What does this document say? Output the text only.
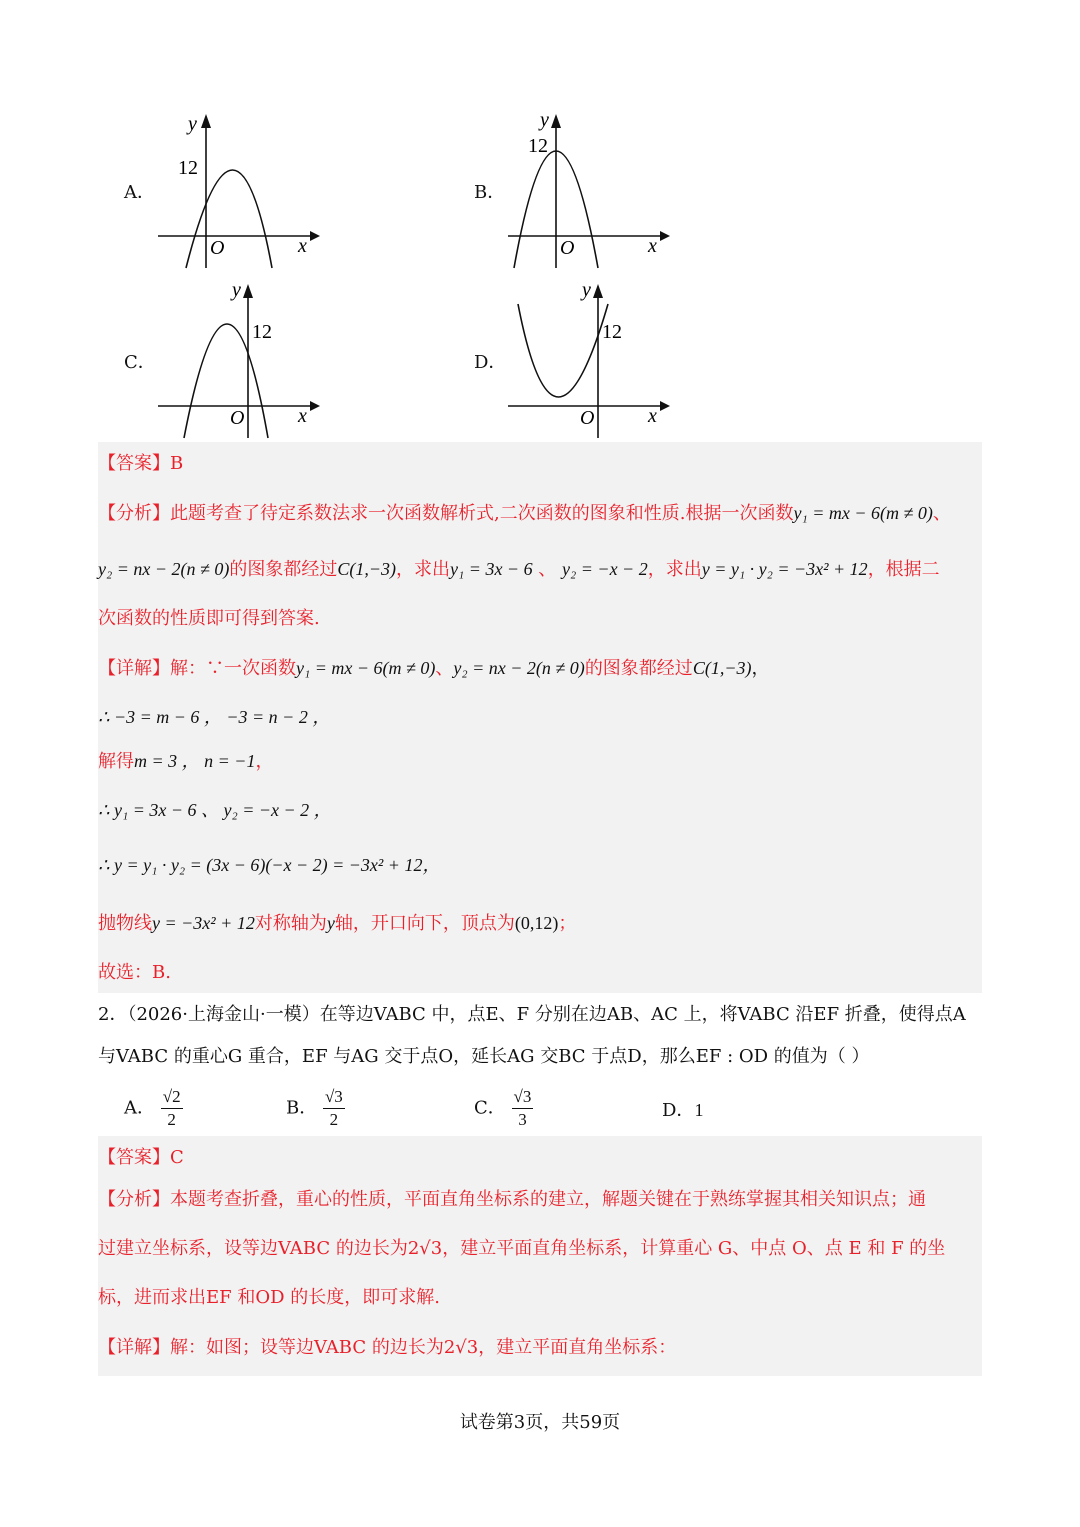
A．
y
x
O
12
B．
y
x
O
12
C．
y
x
O
12
D．
y
x
O
12
【答案】B
【分析】此题考查了待定系数法求一次函数解析式,二次函数的图象和性质.根据一次函数y₁ = mx − 6(m ≠ 0)、
y₂ = nx − 2(n ≠ 0)的图象都经过C(1,−3)，求出y₁ = 3x − 6 、 y₂ = −x − 2，求出y = y₁ · y₂ = −3x² + 12，根据二
次函数的性质即可得到答案.
【详解】解：∵一次函数y₁ = mx − 6(m ≠ 0)、y₂ = nx − 2(n ≠ 0)的图象都经过C(1,−3)，
∴ −3 = m − 6 ， −3 = n − 2 ，
解得m = 3 ， n = −1，
∴ y₁ = 3x − 6 、 y₂ = −x − 2 ，
∴ y = y₁ · y₂ = (3x − 6)(−x − 2) = −3x² + 12，
抛物线y = −3x² + 12对称轴为y轴，开口向下，顶点为(0,12)；
故选：B.
2．（2026·上海金山·一模）在等边VABC 中，点E、F 分别在边AB、AC 上，将VABC 沿EF 折叠，使得点A
与VABC 的重心G 重合，EF 与AG 交于点O，延长AG 交BC 于点D，那么EF : OD 的值为（ ）
A． $\frac{√2}{2}$	B． $\frac{√3}{2}$	C． $\frac{√3}{3}$	D．1
【答案】C
【分析】本题考查折叠，重心的性质，平面直角坐标系的建立，解题关键在于熟练掌握其相关知识点；通
过建立坐标系，设等边VABC 的边长为2√3，建立平面直角坐标系，计算重心 G、中点 O、点 E 和 F 的坐
标，进而求出EF 和OD 的长度，即可求解.
【详解】解：如图；设等边VABC 的边长为2√3，建立平面直角坐标系：
试卷第3页，共59页
